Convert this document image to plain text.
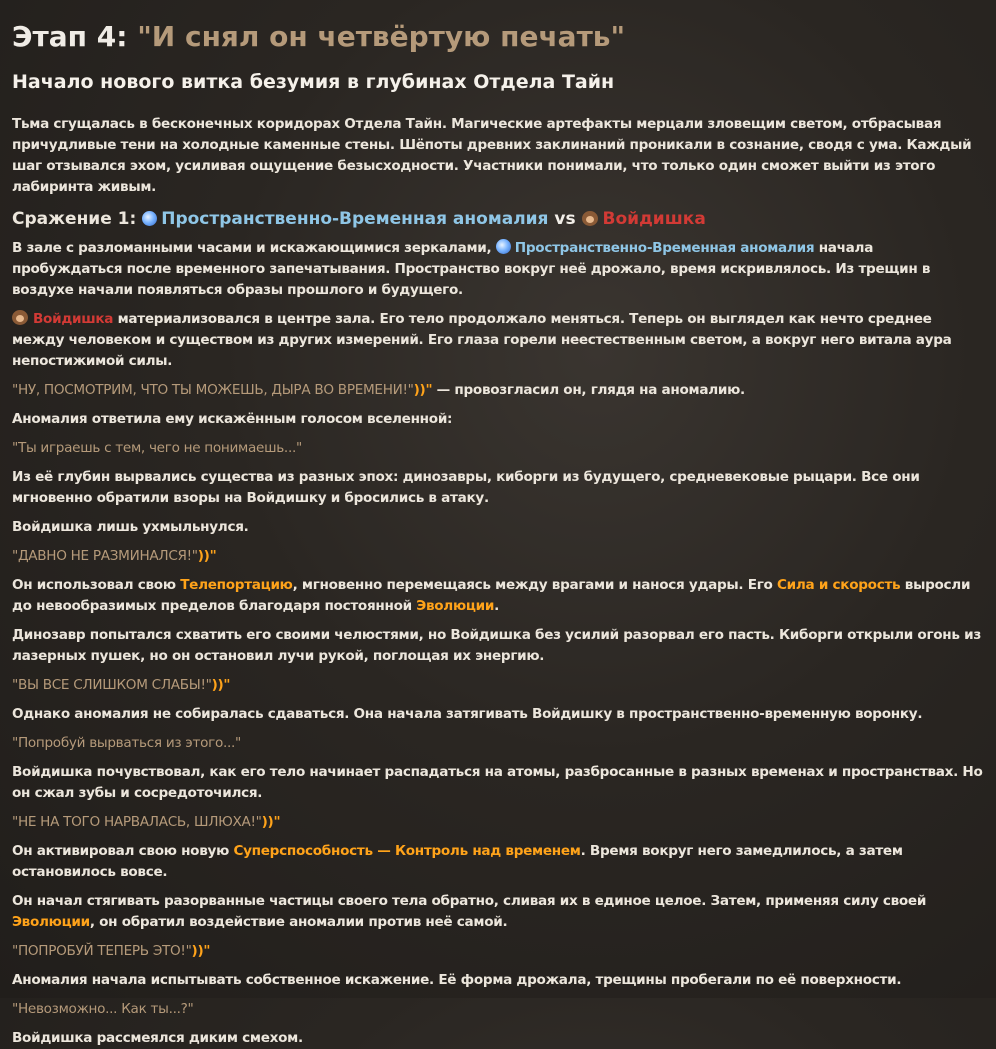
Этап 4: "И снял он четвёртую печать"
Начало нового витка безумия в глубинах Отдела Тайн

Тьма сгущалась в бесконечных коридорах Отдела Тайн. Магические артефакты мерцали зловещим светом, отбрасывая причудливые тени на холодные каменные стены. Шёпоты древних заклинаний проникали в сознание, сводя с ума. Каждый шаг отзывался эхом, усиливая ощущение безысходности. Участники понимали, что только один сможет выйти из этого лабиринта живым.

Сражение 1: Пространственно-Временная аномалия vs Войдишка

В зале с разломанными часами и искажающимися зеркалами, Пространственно-Временная аномалия начала пробуждаться после временного запечатывания. Пространство вокруг неё дрожало, время искривлялось. Из трещин в воздухе начали появляться образы прошлого и будущего.

Войдишка материализовался в центре зала. Его тело продолжало меняться. Теперь он выглядел как нечто среднее между человеком и существом из других измерений. Его глаза горели неестественным светом, а вокруг него витала аура непостижимой силы.

"НУ, ПОСМОТРИМ, ЧТО ТЫ МОЖЕШЬ, ДЫРА ВО ВРЕМЕНИ!"))" — провозгласил он, глядя на аномалию.

Аномалия ответила ему искажённым голосом вселенной:

"Ты играешь с тем, чего не понимаешь..."

Из её глубин вырвались существа из разных эпох: динозавры, киборги из будущего, средневековые рыцари. Все они мгновенно обратили взоры на Войдишку и бросились в атаку.

Войдишка лишь ухмыльнулся.

"ДАВНО НЕ РАЗМИНАЛСЯ!"))"

Он использовал свою Телепортацию, мгновенно перемещаясь между врагами и нанося удары. Его Сила и скорость выросли до невообразимых пределов благодаря постоянной Эволюции.

Динозавр попытался схватить его своими челюстями, но Войдишка без усилий разорвал его пасть. Киборги открыли огонь из лазерных пушек, но он остановил лучи рукой, поглощая их энергию.

"ВЫ ВСЕ СЛИШКОМ СЛАБЫ!"))"

Однако аномалия не собиралась сдаваться. Она начала затягивать Войдишку в пространственно-временную воронку.

"Попробуй вырваться из этого..."

Войдишка почувствовал, как его тело начинает распадаться на атомы, разбросанные в разных временах и пространствах. Но он сжал зубы и сосредоточился.

"НЕ НА ТОГО НАРВАЛАСЬ, ШЛЮХА!"))"

Он активировал свою новую Суперспособность — Контроль над временем. Время вокруг него замедлилось, а затем остановилось вовсе.

Он начал стягивать разорванные частицы своего тела обратно, сливая их в единое целое. Затем, применяя силу своей Эволюции, он обратил воздействие аномалии против неё самой.

"ПОПРОБУЙ ТЕПЕРЬ ЭТО!"))"

Аномалия начала испытывать собственное искажение. Её форма дрожала, трещины пробегали по её поверхности.

"Невозможно... Как ты...?"

Войдишка рассмеялся диким смехом.
